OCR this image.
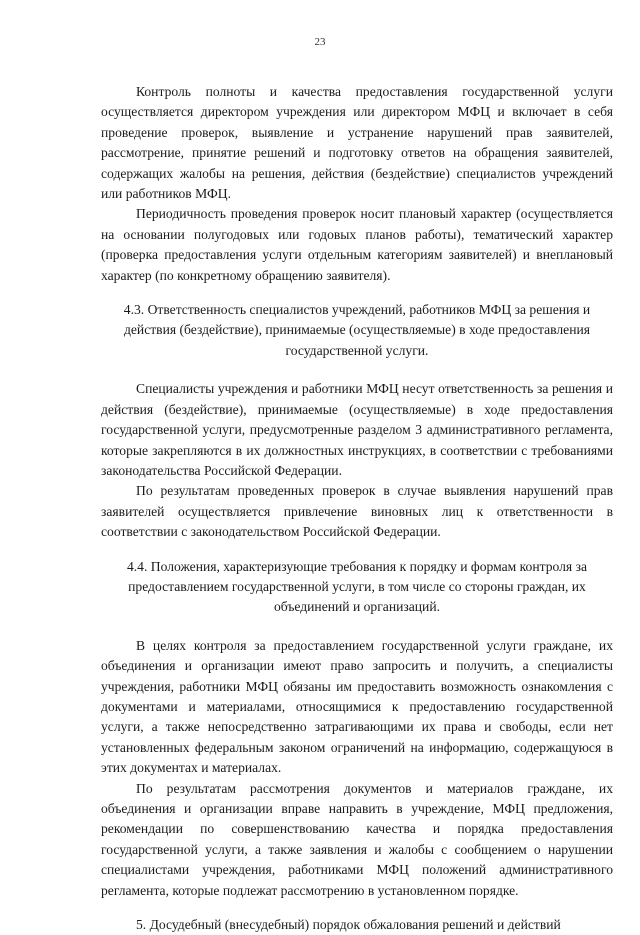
23

Контроль полноты и качества предоставления государственной услуги осуществляется директором учреждения или директором МФЦ и включает в себя проведение проверок, выявление и устранение нарушений прав заявителей, рассмотрение, принятие решений и подготовку ответов на обращения заявителей, содержащих жалобы на решения, действия (бездействие) специалистов учреждений или работников МФЦ.

Периодичность проведения проверок носит плановый характер (осуществляется на основании полугодовых или годовых планов работы), тематический характер (проверка предоставления услуги отдельным категориям заявителей) и внеплановый характер (по конкретному обращению заявителя).

4.3. Ответственность специалистов учреждений, работников МФЦ за решения и действия (бездействие), принимаемые (осуществляемые) в ходе предоставления государственной услуги.

Специалисты учреждения и работники МФЦ несут ответственность за решения и действия (бездействие), принимаемые (осуществляемые) в ходе предоставления государственной услуги, предусмотренные разделом 3 административного регламента, которые закрепляются в их должностных инструкциях, в соответствии с требованиями законодательства Российской Федерации.

По результатам проведенных проверок в случае выявления нарушений прав заявителей осуществляется привлечение виновных лиц к ответственности в соответствии с законодательством Российской Федерации.

4.4. Положения, характеризующие требования к порядку и формам контроля за предоставлением государственной услуги, в том числе со стороны граждан, их объединений и организаций.

В целях контроля за предоставлением государственной услуги граждане, их объединения и организации имеют право запросить и получить, а специалисты учреждения, работники МФЦ обязаны им предоставить возможность ознакомления с документами и материалами, относящимися к предоставлению государственной услуги, а также непосредственно затрагивающими их права и свободы, если нет установленных федеральным законом ограничений на информацию, содержащуюся в этих документах и материалах.

По результатам рассмотрения документов и материалов граждане, их объединения и организации вправе направить в учреждение, МФЦ предложения, рекомендации по совершенствованию качества и порядка предоставления государственной услуги, а также заявления и жалобы с сообщением о нарушении специалистами учреждения, работниками МФЦ положений административного регламента, которые подлежат рассмотрению в установленном порядке.

5. Досудебный (внесудебный) порядок обжалования решений и действий
